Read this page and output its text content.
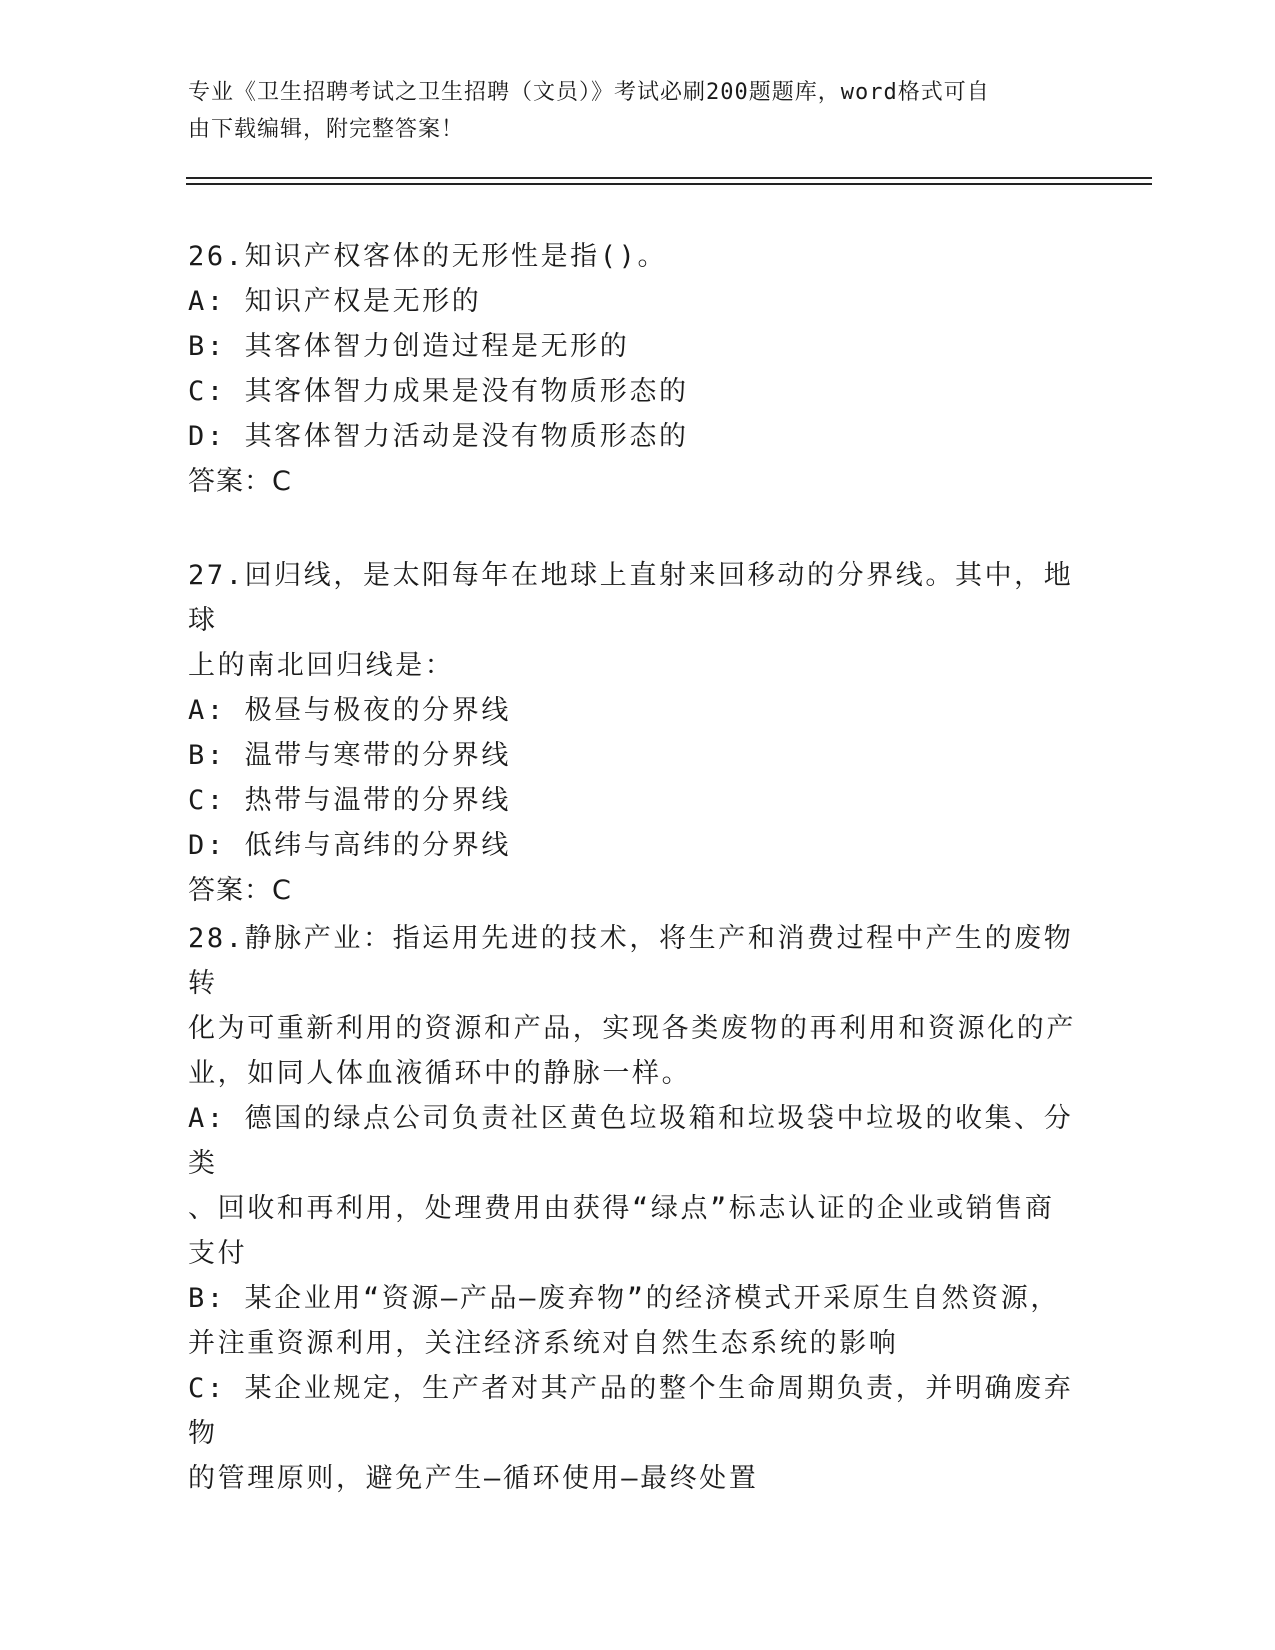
专业《卫生招聘考试之卫生招聘（文员）》考试必刷200题题库，word格式可自
由下载编辑，附完整答案！

26.知识产权客体的无形性是指()。

A: 知识产权是无形的

B: 其客体智力创造过程是无形的

C: 其客体智力成果是没有物质形态的

D: 其客体智力活动是没有物质形态的

答案：C

27.回归线，是太阳每年在地球上直射来回移动的分界线。其中，地球

上的南北回归线是：

A: 极昼与极夜的分界线

B: 温带与寒带的分界线

C: 热带与温带的分界线

D: 低纬与高纬的分界线

答案：C

28.静脉产业：指运用先进的技术，将生产和消费过程中产生的废物转

化为可重新利用的资源和产品，实现各类废物的再利用和资源化的产

业，如同人体血液循环中的静脉一样。

A: 德国的绿点公司负责社区黄色垃圾箱和垃圾袋中垃圾的收集、分类

、回收和再利用，处理费用由获得“绿点”标志认证的企业或销售商

支付

B: 某企业用“资源—产品—废弃物”的经济模式开采原生自然资源，

并注重资源利用，关注经济系统对自然生态系统的影响

C: 某企业规定，生产者对其产品的整个生命周期负责，并明确废弃物

的管理原则，避免产生—循环使用—最终处置
